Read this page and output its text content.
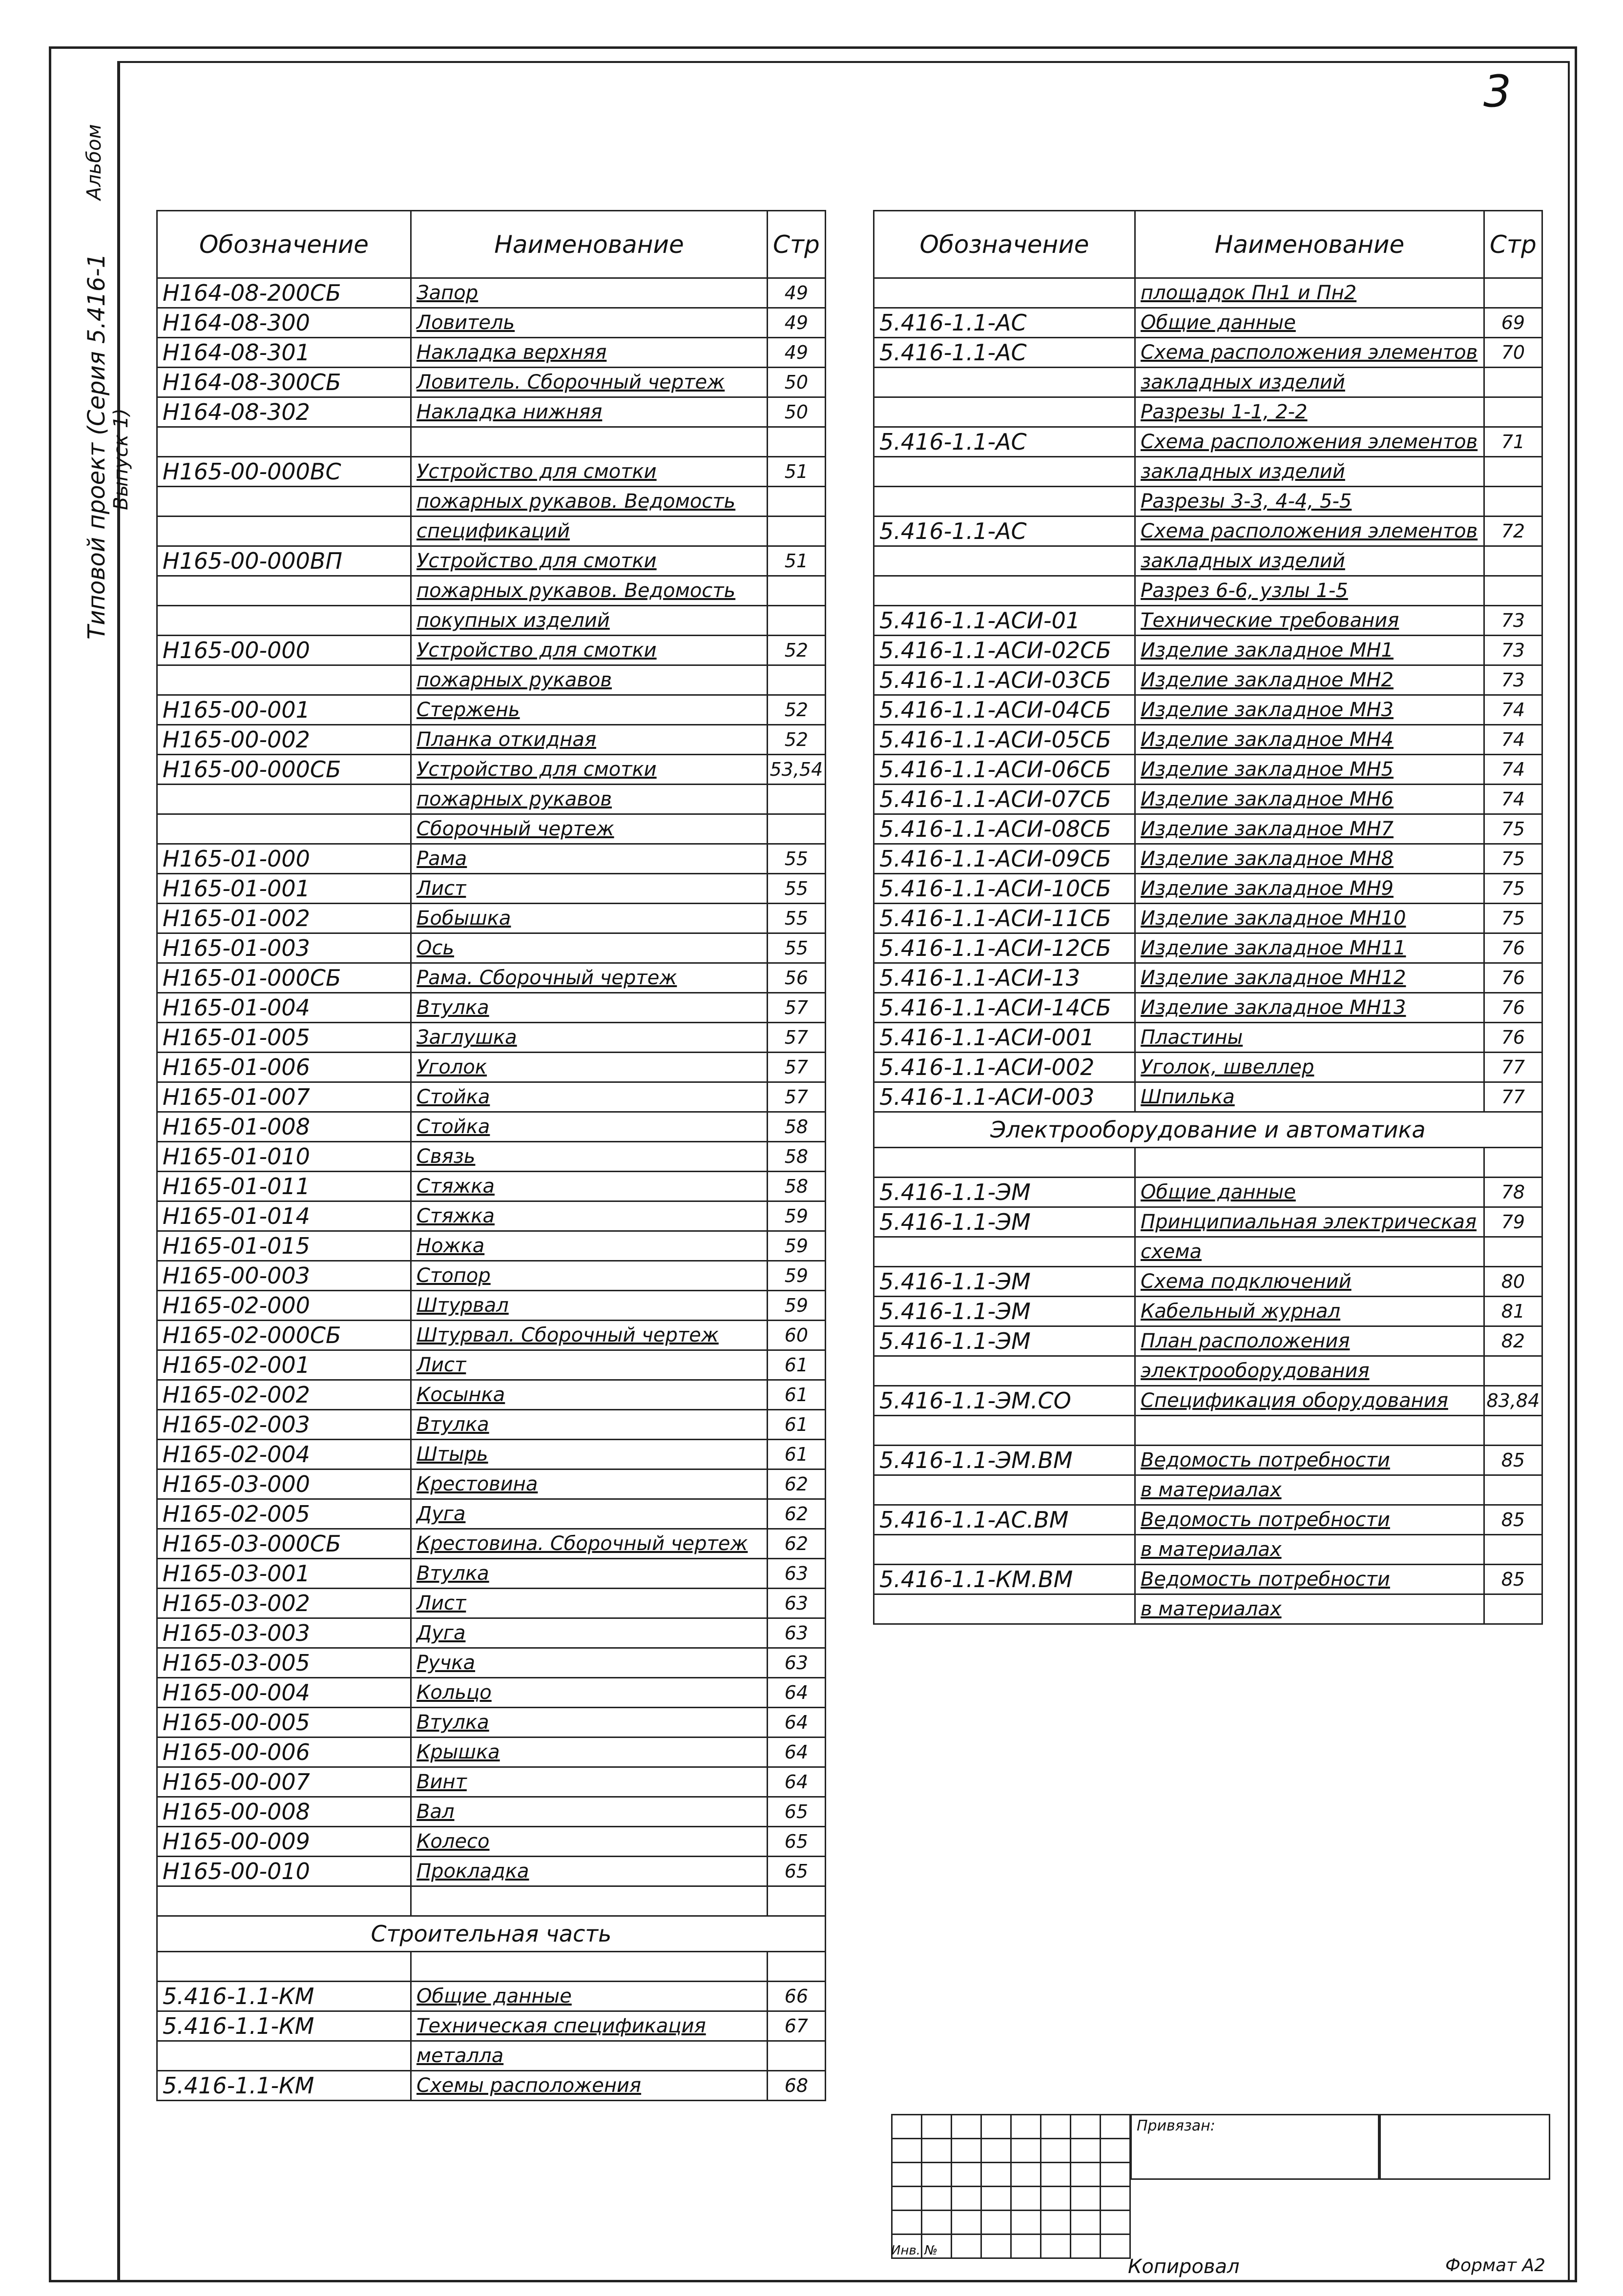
3
Альбом
Типовой проект (Серия 5.416-1 Выпуск 1)
Обозначение	Наименование	Стр
Н164-08-200СБ	Запор	49
Н164-08-300	Ловитель	49
Н164-08-301	Накладка верхняя	49
Н164-08-300СБ	Ловитель. Сборочный чертеж	50
Н164-08-302	Накладка нижняя	50

Н165-00-000ВС	Устройство для смотки	51
	пожарных рукавов. Ведомость	
	спецификаций	
Н165-00-000ВП	Устройство для смотки	51
	пожарных рукавов. Ведомость	
	покупных изделий	
Н165-00-000	Устройство для смотки	52
	пожарных рукавов	
Н165-00-001	Стержень	52
Н165-00-002	Планка откидная	52
Н165-00-000СБ	Устройство для смотки	53,54
	пожарных рукавов	
	Сборочный чертеж	
Н165-01-000	Рама	55
Н165-01-001	Лист	55
Н165-01-002	Бобышка	55
Н165-01-003	Ось	55
Н165-01-000СБ	Рама. Сборочный чертеж	56
Н165-01-004	Втулка	57
Н165-01-005	Заглушка	57
Н165-01-006	Уголок	57
Н165-01-007	Стойка	57
Н165-01-008	Стойка	58
Н165-01-010	Связь	58
Н165-01-011	Стяжка	58
Н165-01-014	Стяжка	59
Н165-01-015	Ножка	59
Н165-00-003	Стопор	59
Н165-02-000	Штурвал	59
Н165-02-000СБ	Штурвал. Сборочный чертеж	60
Н165-02-001	Лист	61
Н165-02-002	Косынка	61
Н165-02-003	Втулка	61
Н165-02-004	Штырь	61
Н165-03-000	Крестовина	62
Н165-02-005	Дуга	62
Н165-03-000СБ	Крестовина. Сборочный чертеж	62
Н165-03-001	Втулка	63
Н165-03-002	Лист	63
Н165-03-003	Дуга	63
Н165-03-005	Ручка	63
Н165-00-004	Кольцо	64
Н165-00-005	Втулка	64
Н165-00-006	Крышка	64
Н165-00-007	Винт	64
Н165-00-008	Вал	65
Н165-00-009	Колесо	65
Н165-00-010	Прокладка	65

Строительная часть		

5.416-1.1-КМ	Общие данные	66
5.416-1.1-КМ	Техническая спецификация	67
	металла	
5.416-1.1-КМ	Схемы расположения	68
Обозначение	Наименование	Стр
	площадок Пн1 и Пн2	
5.416-1.1-АС	Общие данные	69
5.416-1.1-АС	Схема расположения элементов	70
	закладных изделий	
	Разрезы 1-1, 2-2	
5.416-1.1-АС	Схема расположения элементов	71
	закладных изделий	
	Разрезы 3-3, 4-4, 5-5	
5.416-1.1-АС	Схема расположения элементов	72
	закладных изделий	
	Разрез 6-6, узлы 1-5	
5.416-1.1-АСИ-01	Технические требования	73
5.416-1.1-АСИ-02СБ	Изделие закладное МН1	73
5.416-1.1-АСИ-03СБ	Изделие закладное МН2	73
5.416-1.1-АСИ-04СБ	Изделие закладное МН3	74
5.416-1.1-АСИ-05СБ	Изделие закладное МН4	74
5.416-1.1-АСИ-06СБ	Изделие закладное МН5	74
5.416-1.1-АСИ-07СБ	Изделие закладное МН6	74
5.416-1.1-АСИ-08СБ	Изделие закладное МН7	75
5.416-1.1-АСИ-09СБ	Изделие закладное МН8	75
5.416-1.1-АСИ-10СБ	Изделие закладное МН9	75
5.416-1.1-АСИ-11СБ	Изделие закладное МН10	75
5.416-1.1-АСИ-12СБ	Изделие закладное МН11	76
5.416-1.1-АСИ-13	Изделие закладное МН12	76
5.416-1.1-АСИ-14СБ	Изделие закладное МН13	76
5.416-1.1-АСИ-001	Пластины	76
5.416-1.1-АСИ-002	Уголок, швеллер	77
5.416-1.1-АСИ-003	Шпилька	77
Электрооборудование и автоматика		

5.416-1.1-ЭМ	Общие данные	78
5.416-1.1-ЭМ	Принципиальная электрическая	79
	схема	
5.416-1.1-ЭМ	Схема подключений	80
5.416-1.1-ЭМ	Кабельный журнал	81
5.416-1.1-ЭМ	План расположения	82
	электрооборудования	
5.416-1.1-ЭМ.СО	Спецификация оборудования	83,84

5.416-1.1-ЭМ.ВМ	Ведомость потребности	85
	в материалах	
5.416-1.1-АС.ВМ	Ведомость потребности	85
	в материалах	
5.416-1.1-КМ.ВМ	Ведомость потребности	85
	в материалах	

Привязан:
Инв. №
Копировал	Формат А2
